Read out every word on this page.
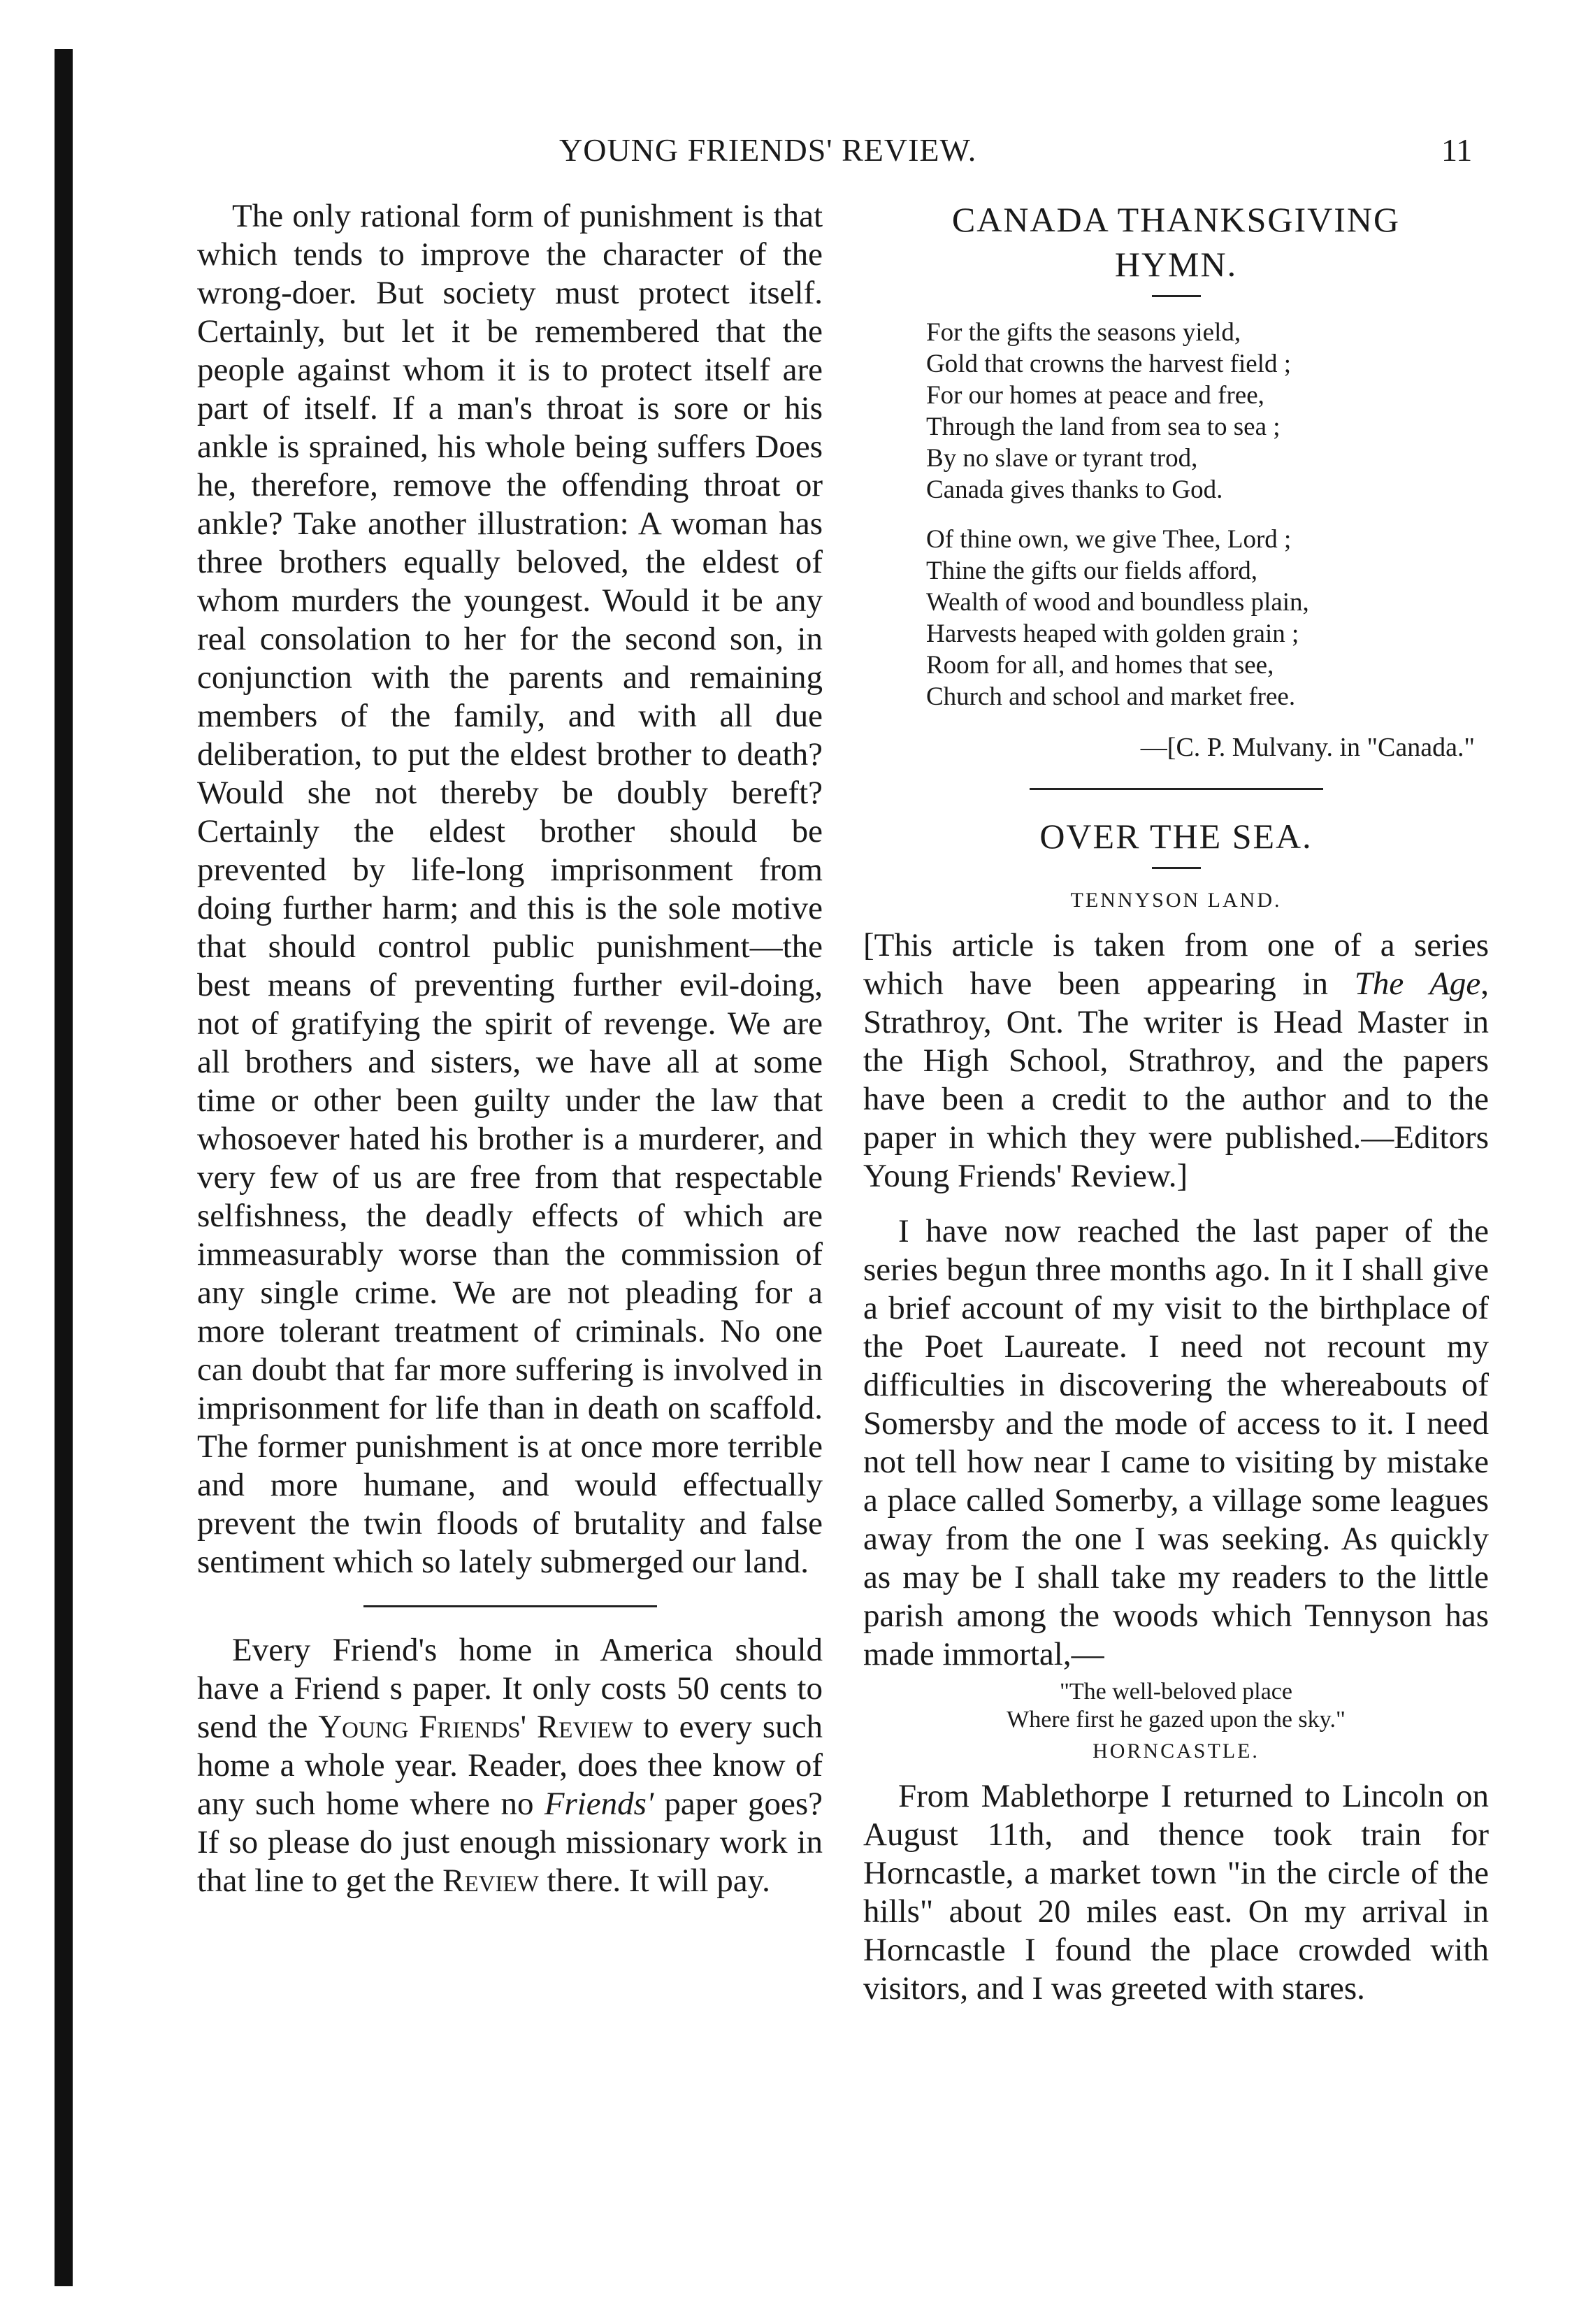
YOUNG FRIENDS' REVIEW.	11

The only rational form of punishment is that which tends to improve the character of the wrong-doer. But society must protect itself. Certainly, but let it be remembered that the people against whom it is to protect itself are part of itself. If a man's throat is sore or his ankle is sprained, his whole being suffers Does he, therefore, remove the offending throat or ankle? Take another illustration: A woman has three brothers equally beloved, the eldest of whom murders the youngest. Would it be any real consolation to her for the second son, in conjunction with the parents and remaining members of the family, and with all due deliberation, to put the eldest brother to death? Would she not thereby be doubly bereft? Certainly the eldest brother should be prevented by life-long imprisonment from doing further harm; and this is the sole motive that should control public punishment—the best means of preventing further evil-doing, not of gratifying the spirit of revenge. We are all brothers and sisters, we have all at some time or other been guilty under the law that whosoever hated his brother is a murderer, and very few of us are free from that respectable selfishness, the deadly effects of which are immeasurably worse than the commission of any single crime. We are not pleading for a more tolerant treatment of criminals. No one can doubt that far more suffering is involved in imprisonment for life than in death on scaffold. The former punishment is at once more terrible and more humane, and would effectually prevent the twin floods of brutality and false sentiment which so lately submerged our land.

Every Friend's home in America should have a Friend s paper. It only costs 50 cents to send the Young Friends' Review to every such home a whole year. Reader, does thee know of any such home where no Friends' paper goes? If so please do just enough missionary work in that line to get the Review there. It will pay.

CANADA THANKSGIVING
HYMN.
For the gifts the seasons yield,
Gold that crowns the harvest field ;
For our homes at peace and free,
Through the land from sea to sea ;
By no slave or tyrant trod,
Canada gives thanks to God.
Of thine own, we give Thee, Lord ;
Thine the gifts our fields afford,
Wealth of wood and boundless plain,
Harvests heaped with golden grain ;
Room for all, and homes that see,
Church and school and market free.
—[C. P. Mulvany. in "Canada."
OVER THE SEA.
TENNYSON LAND.

[This article is taken from one of a series which have been appearing in The Age, Strathroy, Ont. The writer is Head Master in the High School, Strathroy, and the papers have been a credit to the author and to the paper in which they were published.—Editors Young Friends' Review.]

I have now reached the last paper of the series begun three months ago. In it I shall give a brief account of my visit to the birthplace of the Poet Laureate. I need not recount my difficulties in discovering the whereabouts of Somersby and the mode of access to it. I need not tell how near I came to visiting by mistake a place called Somerby, a village some leagues away from the one I was seeking. As quickly as may be I shall take my readers to the little parish among the woods which Tennyson has made immortal,—

"The well-beloved place
Where first he gazed upon the sky."
HORNCASTLE.

From Mablethorpe I returned to Lincoln on August 11th, and thence took train for Horncastle, a market town "in the circle of the hills" about 20 miles east. On my arrival in Horncastle I found the place crowded with visitors, and I was greeted with stares.
